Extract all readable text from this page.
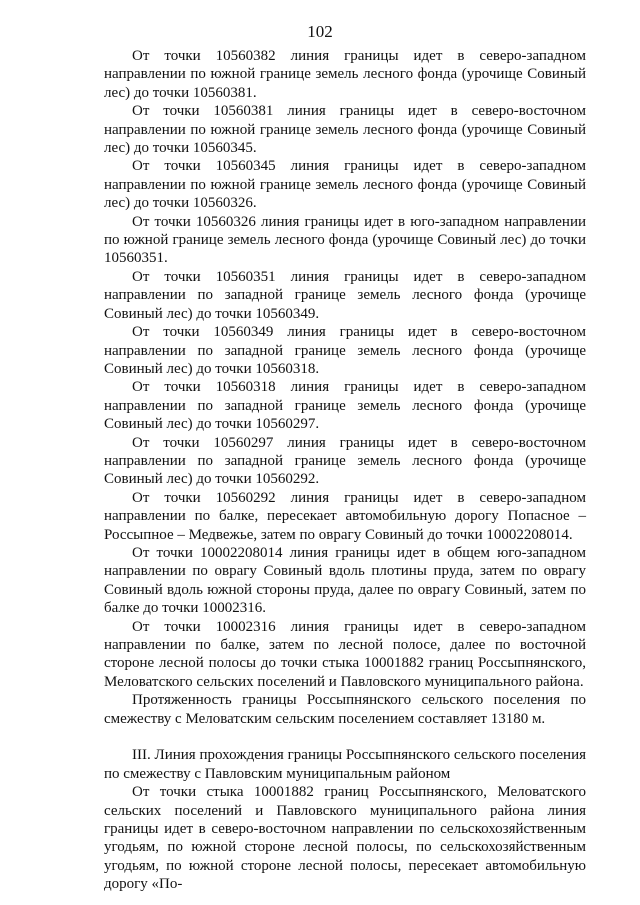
102

От точки 10560382 линия границы идет в северо-западном направлении по южной границе земель лесного фонда (урочище Совиный лес) до точки 10560381.

От точки 10560381 линия границы идет в северо-восточном направлении по южной границе земель лесного фонда (урочище Совиный лес) до точки 10560345.

От точки 10560345 линия границы идет в северо-западном направлении по южной границе земель лесного фонда (урочище Совиный лес) до точки 10560326.

От точки 10560326 линия границы идет в юго-западном направлении по южной границе земель лесного фонда (урочище Совиный лес) до точки 10560351.

От точки 10560351 линия границы идет в северо-западном направлении по западной границе земель лесного фонда (урочище Совиный лес) до точки 10560349.

От точки 10560349 линия границы идет в северо-восточном направлении по западной границе земель лесного фонда (урочище Совиный лес) до точки 10560318.

От точки 10560318 линия границы идет в северо-западном направлении по западной границе земель лесного фонда (урочище Совиный лес) до точки 10560297.

От точки 10560297 линия границы идет в северо-восточном направлении по западной границе земель лесного фонда (урочище Совиный лес) до точки 10560292.

От точки 10560292 линия границы идет в северо-западном направлении по балке, пересекает автомобильную дорогу Попасное – Россыпное – Медвежье, затем по оврагу Совиный до точки 10002208014.

От точки 10002208014 линия границы идет в общем юго-западном направлении по оврагу Совиный вдоль плотины пруда, затем по оврагу Совиный вдоль южной стороны пруда, далее по оврагу Совиный, затем по балке до точки 10002316.

От точки 10002316 линия границы идет в северо-западном направлении по балке, затем по лесной полосе, далее по восточной стороне лесной полосы до точки стыка 10001882 границ Россыпнянского, Меловатского сельских поселений и Павловского муниципального района.

Протяженность границы Россыпнянского сельского поселения по смежеству с Меловатским сельским поселением составляет 13180 м.

III. Линия прохождения границы Россыпнянского сельского поселения по смежеству с Павловским муниципальным районом

От точки стыка 10001882 границ Россыпнянского, Меловатского сельских поселений и Павловского муниципального района линия границы идет в северо-восточном направлении по сельскохозяйственным угодьям, по южной стороне лесной полосы, по сельскохозяйственным угодьям, по южной стороне лесной полосы, пересекает автомобильную дорогу «По-
